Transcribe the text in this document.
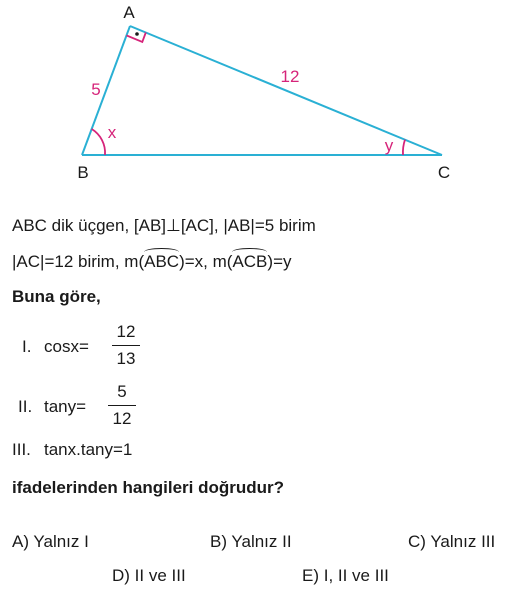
A
B	C
5
12
x
y
ABC dik üçgen, [AB]⊥[AC], |AB|=5 birim
|AC|=12 birim, m(ABC)=x, m(ACB)=y
Buna göre,
I. cosx=
12
13
II. tany=
5
12
III. tanx.tany=1
ifadelerinden hangileri doğrudur?
A) Yalnız I	B) Yalnız II	C) Yalnız III
D) II ve III	E) I, II ve III
